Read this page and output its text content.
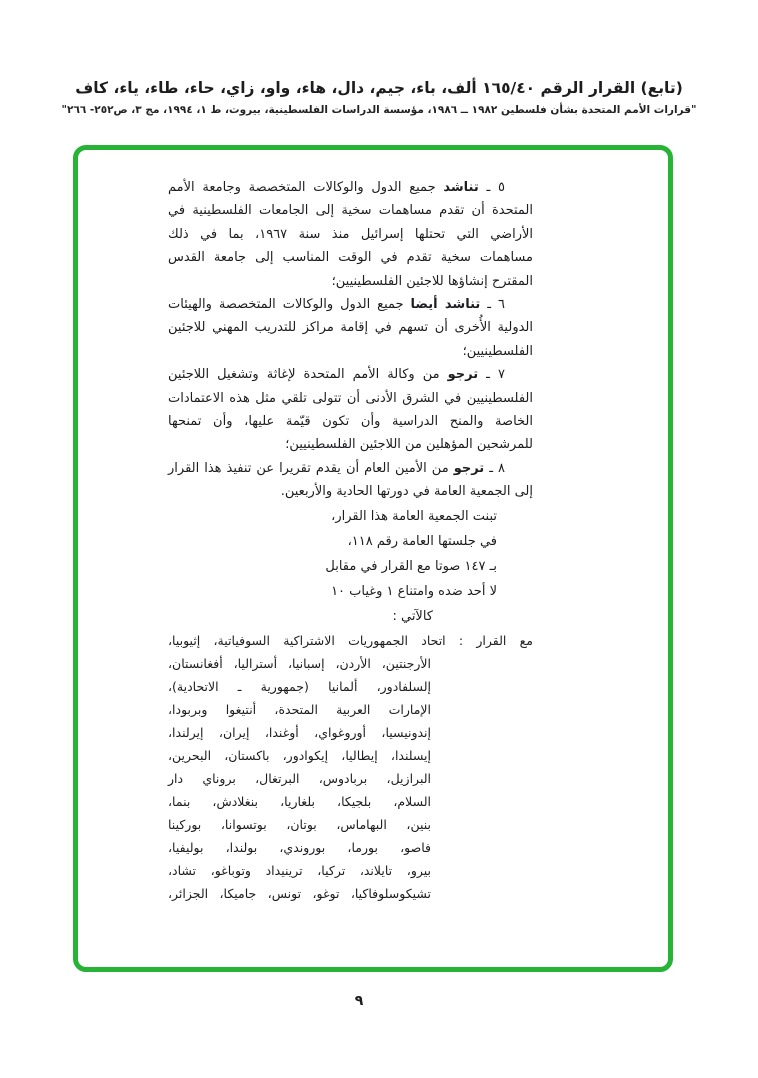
(تابع) القرار الرقم ١٦٥/٤٠ ألف، باء، جيم، دال، هاء، واو، زاي، حاء، طاء، ياء، كاف
"قرارات الأمم المتحدة بشأن فلسطين ١٩٨٢ ــ ١٩٨٦، مؤسسة الدراسات الفلسطينية، بيروت، ط ١، ١٩٩٤، مج ٣، ص٢٥٢- ٢٦٦"
٥ ـ تناشد جميع الدول والوكالات المتخصصة وجامعة الأمم
المتحدة أن تقدم مساهمات سخية إلى الجامعات الفلسطينية في
الأراضي التي تحتلها إسرائيل منذ سنة ١٩٦٧، بما في ذلك
مساهمات سخية تقدم في الوقت المناسب إلى جامعة القدس
المقترح إنشاؤها للاجئين الفلسطينيين؛
٦ ـ تناشد أيضا جميع الدول والوكالات المتخصصة والهيئات
الدولية الأُخرى أن تسهم في إقامة مراكز للتدريب المهني للاجئين
الفلسطينيين؛
٧ ـ ترجو من وكالة الأمم المتحدة لإغاثة وتشغيل اللاجئين
الفلسطينيين في الشرق الأدنى أن تتولى تلقي مثل هذه الاعتمادات
الخاصة والمنح الدراسية وأن تكون قيّمة عليها، وأن تمنحها
للمرشحين المؤهلين من اللاجئين الفلسطينيين؛
٨ ـ ترجو من الأمين العام أن يقدم تقريرا عن تنفيذ هذا القرار
إلى الجمعية العامة في دورتها الحادية والأربعين.
تبنت الجمعية العامة هذا القرار،
في جلستها العامة رقم ١١٨،
بـ ١٤٧ صوتا مع القرار في مقابل
لا أحد ضده وامتناع ١ وغياب ١٠
كالآتي :
مع القرار : اتحاد الجمهوريات الاشتراكية السوفياتية، إثيوبيا،
الأرجنتين، الأردن، إسبانيا، أستراليا، أفغانستان،
إلسلفادور، ألمانيا (جمهورية ـ الاتحادية)،
الإمارات العربية المتحدة، أنتيغوا وبربودا،
إندونيسيا، أوروغواي، أوغندا، إيران، إيرلندا،
إيسلندا، إيطاليا، إيكوادور، باكستان، البحرين،
البرازيل، بربادوس، البرتغال، بروناي دار
السلام، بلجيكا، بلغاريا، بنغلادش، بنما،
بنين، البهاماس، بوتان، بوتسوانا، بوركينا
فاصو، بورما، بوروندي، بولندا، بوليفيا،
بيرو، تايلاند، تركيا، ترينيداد وتوباغو، تشاد،
تشيكوسلوفاكيا، توغو، تونس، جاميكا، الجزائر،
٩
